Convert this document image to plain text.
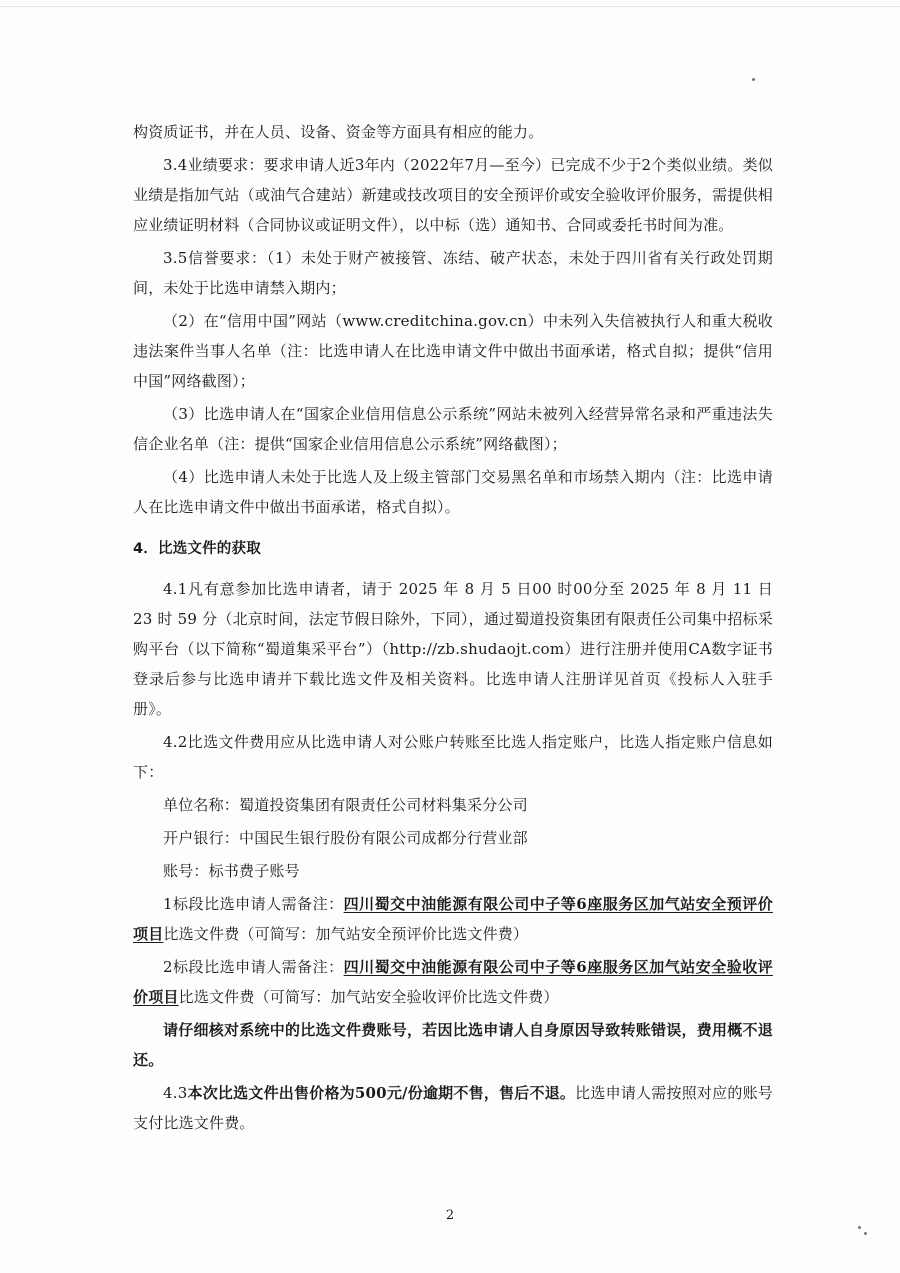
构资质证书，并在人员、设备、资金等方面具有相应的能力。

3.4业绩要求：要求申请人近3年内（2022年7月—至今）已完成不少于2个类似业绩。类似业绩是指加气站（或油气合建站）新建或技改项目的安全预评价或安全验收评价服务，需提供相应业绩证明材料（合同协议或证明文件），以中标（选）通知书、合同或委托书时间为准。

3.5信誉要求：（1）未处于财产被接管、冻结、破产状态，未处于四川省有关行政处罚期间，未处于比选申请禁入期内；

（2）在“信用中国”网站（www.creditchina.gov.cn）中未列入失信被执行人和重大税收违法案件当事人名单（注：比选申请人在比选申请文件中做出书面承诺，格式自拟；提供“信用中国”网络截图）；

（3）比选申请人在“国家企业信用信息公示系统”网站未被列入经营异常名录和严重违法失信企业名单（注：提供“国家企业信用信息公示系统”网络截图）；

（4）比选申请人未处于比选人及上级主管部门交易黑名单和市场禁入期内（注：比选申请人在比选申请文件中做出书面承诺，格式自拟）。

4．比选文件的获取

4.1凡有意参加比选申请者，请于 2025 年 8 月 5 日00 时00分至 2025 年 8 月 11 日 23 时 59 分（北京时间，法定节假日除外，下同），通过蜀道投资集团有限责任公司集中招标采购平台（以下简称“蜀道集采平台”）（http://zb.shudaojt.com）进行注册并使用CA数字证书登录后参与比选申请并下载比选文件及相关资料。比选申请人注册详见首页《投标人入驻手册》。

4.2比选文件费用应从比选申请人对公账户转账至比选人指定账户，比选人指定账户信息如下：

单位名称：蜀道投资集团有限责任公司材料集采分公司

开户银行：中国民生银行股份有限公司成都分行营业部

账号：标书费子账号

1标段比选申请人需备注：四川蜀交中油能源有限公司中子等6座服务区加气站安全预评价项目比选文件费（可简写：加气站安全预评价比选文件费）

2标段比选申请人需备注：四川蜀交中油能源有限公司中子等6座服务区加气站安全验收评价项目比选文件费（可简写：加气站安全验收评价比选文件费）

请仔细核对系统中的比选文件费账号，若因比选申请人自身原因导致转账错误，费用概不退还。

4.3本次比选文件出售价格为500元/份逾期不售，售后不退。比选申请人需按照对应的账号支付比选文件费。

2
